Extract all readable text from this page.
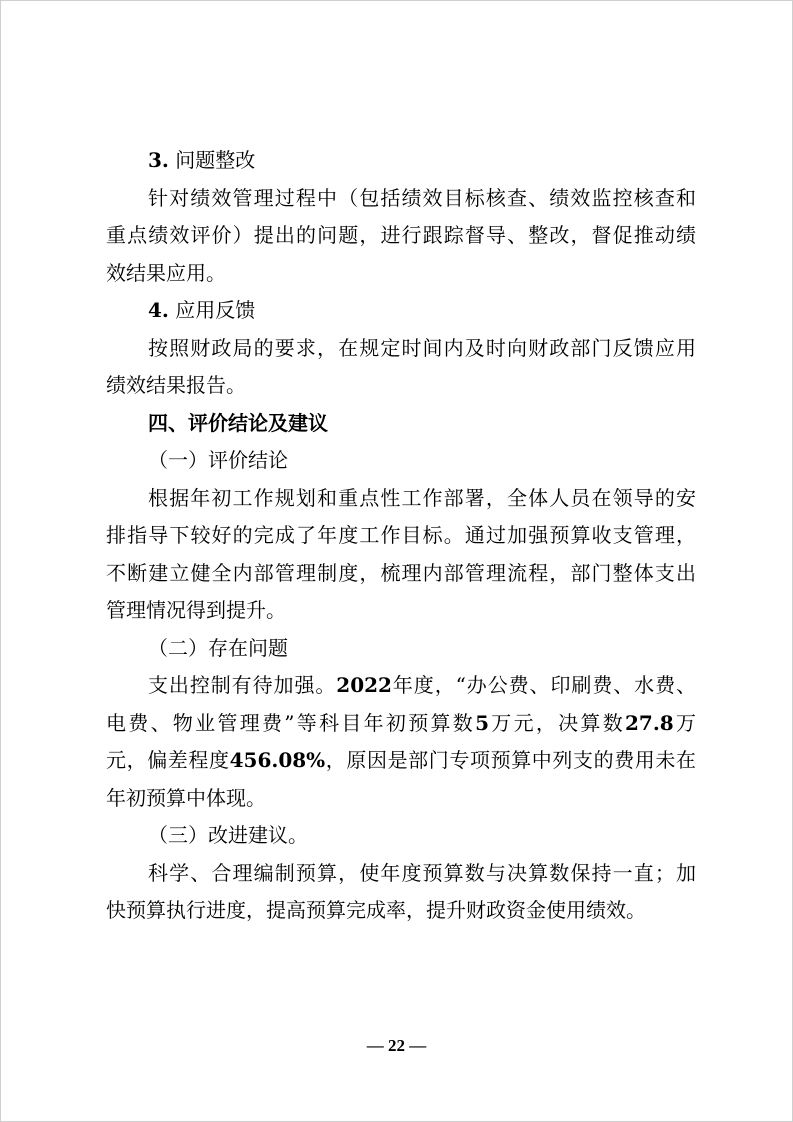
3. 问题整改
针对绩效管理过程中（包括绩效目标核查、绩效监控核查和
重点绩效评价）提出的问题，进行跟踪督导、整改，督促推动绩
效结果应用。
4. 应用反馈
按照财政局的要求，在规定时间内及时向财政部门反馈应用
绩效结果报告。
四、评价结论及建议
（一）评价结论
根据年初工作规划和重点性工作部署，全体人员在领导的安
排指导下较好的完成了年度工作目标。通过加强预算收支管理，
不断建立健全内部管理制度，梳理内部管理流程，部门整体支出
管理情况得到提升。
（二）存在问题
支出控制有待加强。2022年度，“办公费、印刷费、水费、
电费、物业管理费”等科目年初预算数5万元，决算数27.8万
元，偏差程度456.08%，原因是部门专项预算中列支的费用未在
年初预算中体现。
（三）改进建议。
科学、合理编制预算，使年度预算数与决算数保持一直；加
快预算执行进度，提高预算完成率，提升财政资金使用绩效。
— 22 —
